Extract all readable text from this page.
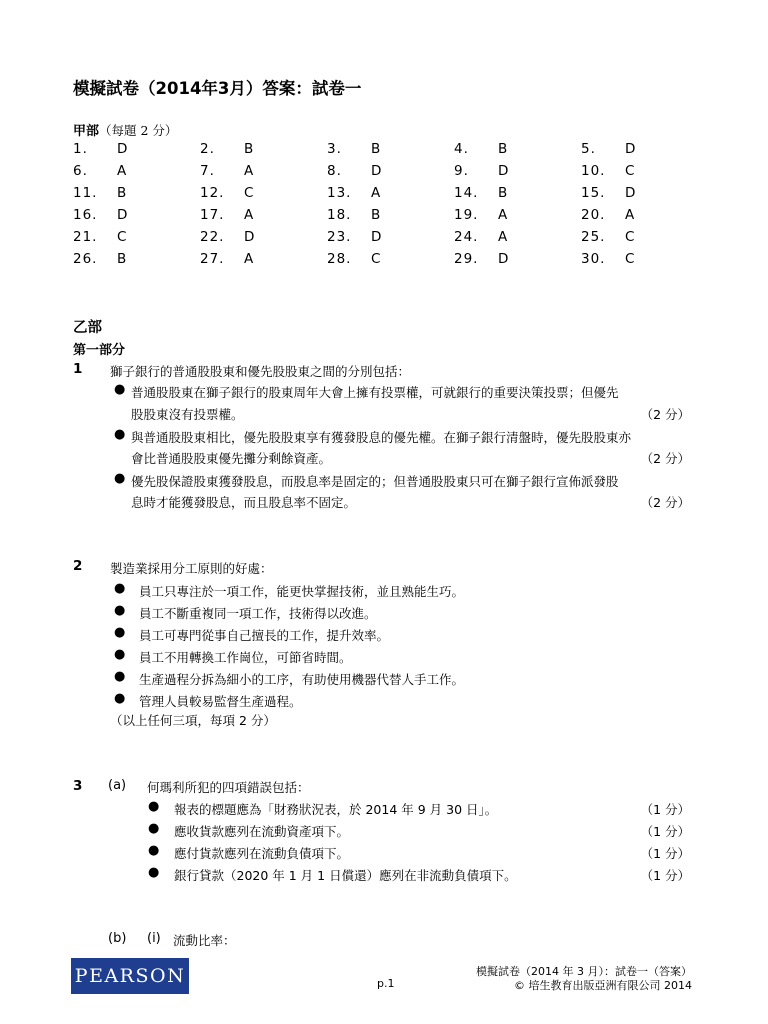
模擬試卷（2014年3月）答案：試卷一
甲部（每題 2 分）
1. D	2. B	3. B	4. B	5. D
6. A	7. A	8. D	9. D	10. C
11. B	12. C	13. A	14. B	15. D
16. D	17. A	18. B	19. A	20. A
21. C	22. D	23. D	24. A	25. C
26. B	27. A	28. C	29. D	30. C
乙部
第一部分
1 獅子銀行的普通股股東和優先股股東之間的分別包括：
● 普通股股東在獅子銀行的股東周年大會上擁有投票權，可就銀行的重要決策投票；但優先
股股東沒有投票權。	（2 分）
● 與普通股股東相比，優先股股東享有獲發股息的優先權。在獅子銀行清盤時，優先股股東亦
會比普通股股東優先攤分剩餘資產。	（2 分）
● 優先股保證股東獲發股息，而股息率是固定的；但普通股股東只可在獅子銀行宣佈派發股
息時才能獲發股息，而且股息率不固定。	（2 分）
2 製造業採用分工原則的好處：
● 員工只專注於一項工作，能更快掌握技術，並且熟能生巧。
● 員工不斷重複同一項工作，技術得以改進。
● 員工可專門從事自己擅長的工作，提升效率。
● 員工不用轉換工作崗位，可節省時間。
● 生產過程分拆為細小的工序，有助使用機器代替人手工作。
● 管理人員較易監督生產過程。
（以上任何三項，每項 2 分）
3 (a) 何瑪利所犯的四項錯誤包括：
● 報表的標題應為「財務狀況表，於 2014 年 9 月 30 日」。	（1 分）
● 應收貨款應列在流動資產項下。	（1 分）
● 應付貨款應列在流動負債項下。	（1 分）
● 銀行貸款（2020 年 1 月 1 日償還）應列在非流動負債項下。	（1 分）
(b) (i) 流動比率：
PEARSON	p.1
模擬試卷（2014 年 3 月）：試卷一（答案）
© 培生教育出版亞洲有限公司 2014
